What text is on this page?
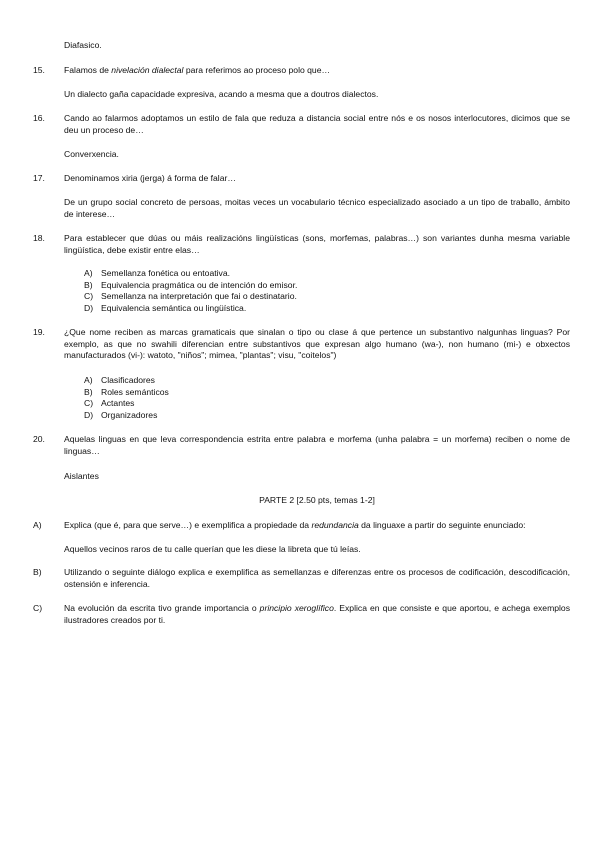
Diafasico.

15.	Falamos de nivelación dialectal para referimos ao proceso polo que…

Un dialecto gaña capacidade expresiva, acando a mesma que a doutros dialectos.

16.	Cando ao falarmos adoptamos un estilo de fala que reduza a distancia social entre nós e os nosos interlocutores, dicimos que se deu un proceso de…

Converxencia.

17.	Denominamos xiria (jerga) á forma de falar…

De un grupo social concreto de persoas, moitas veces un vocabulario técnico especializado asociado a un tipo de traballo, ámbito de interese…

18.	Para establecer que dúas ou máis realizacións lingüísticas (sons, morfemas, palabras…) son variantes dunha mesma variable lingüística, debe existir entre elas…

A) Semellanza fonética ou entoativa.
B) Equivalencia pragmática ou de intención do emisor.
C) Semellanza na interpretación que fai o destinatario.
D) Equivalencia semántica ou lingüística.

19.	¿Que nome reciben as marcas gramaticais que sinalan o tipo ou clase á que pertence un substantivo nalgunhas linguas? Por exemplo, as que no swahili diferencian entre substantivos que expresan algo humano (wa-), non humano (mi-) e obxectos manufacturados (vi-): watoto, "niños"; mimea, "plantas"; visu, "coitelos")

A) Clasificadores
B) Roles semánticos
C) Actantes
D) Organizadores

20.	Aquelas linguas en que leva correspondencia estrita entre palabra e morfema (unha palabra = un morfema) reciben o nome de linguas…

Aislantes

PARTE 2 [2.50 pts, temas 1-2]

A)	Explica (que é, para que serve…) e exemplifica a propiedade da redundancia da linguaxe a partir do seguinte enunciado:

Aquellos vecinos raros de tu calle querían que les diese la libreta que tú leías.

B)	Utilizando o seguinte diálogo explica e exemplifica as semellanzas e diferenzas entre os procesos de codificación, descodificación, ostensión e inferencia.

C)	Na evolución da escrita tivo grande importancia o principio xeroglífico. Explica en que consiste e que aportou, e achega exemplos ilustradores creados por ti.
